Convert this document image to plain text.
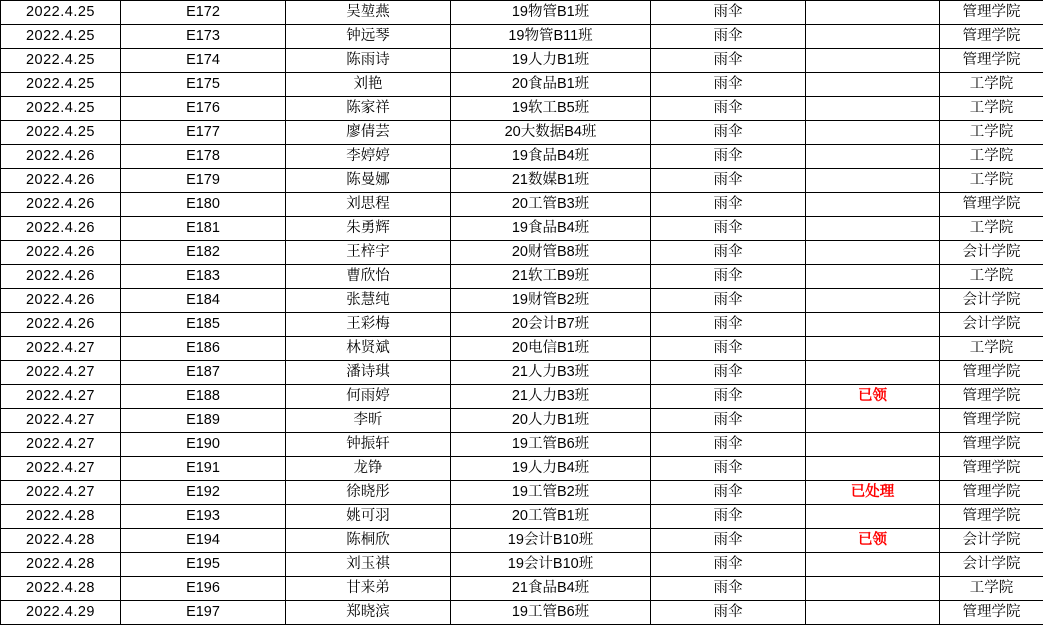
2022.4.25	E172	吴堃燕	19物管B1班	雨伞		管理学院
2022.4.25	E173	钟远琴	19物管B11班	雨伞		管理学院
2022.4.25	E174	陈雨诗	19人力B1班	雨伞		管理学院
2022.4.25	E175	刘艳	20食品B1班	雨伞		工学院
2022.4.25	E176	陈家祥	19软工B5班	雨伞		工学院
2022.4.25	E177	廖倩芸	20大数据B4班	雨伞		工学院
2022.4.26	E178	李婷婷	19食品B4班	雨伞		工学院
2022.4.26	E179	陈曼娜	21数媒B1班	雨伞		工学院
2022.4.26	E180	刘思程	20工管B3班	雨伞		管理学院
2022.4.26	E181	朱勇辉	19食品B4班	雨伞		工学院
2022.4.26	E182	王梓宇	20财管B8班	雨伞		会计学院
2022.4.26	E183	曹欣怡	21软工B9班	雨伞		工学院
2022.4.26	E184	张慧纯	19财管B2班	雨伞		会计学院
2022.4.26	E185	王彩梅	20会计B7班	雨伞		会计学院
2022.4.27	E186	林贤斌	20电信B1班	雨伞		工学院
2022.4.27	E187	潘诗琪	21人力B3班	雨伞		管理学院
2022.4.27	E188	何雨婷	21人力B3班	雨伞	已领	管理学院
2022.4.27	E189	李昕	20人力B1班	雨伞		管理学院
2022.4.27	E190	钟振轩	19工管B6班	雨伞		管理学院
2022.4.27	E191	龙铮	19人力B4班	雨伞		管理学院
2022.4.27	E192	徐晓彤	19工管B2班	雨伞	已处理	管理学院
2022.4.28	E193	姚可羽	20工管B1班	雨伞		管理学院
2022.4.28	E194	陈桐欣	19会计B10班	雨伞	已领	会计学院
2022.4.28	E195	刘玉祺	19会计B10班	雨伞		会计学院
2022.4.28	E196	甘来弟	21食品B4班	雨伞		工学院
2022.4.29	E197	郑晓滨	19工管B6班	雨伞		管理学院
